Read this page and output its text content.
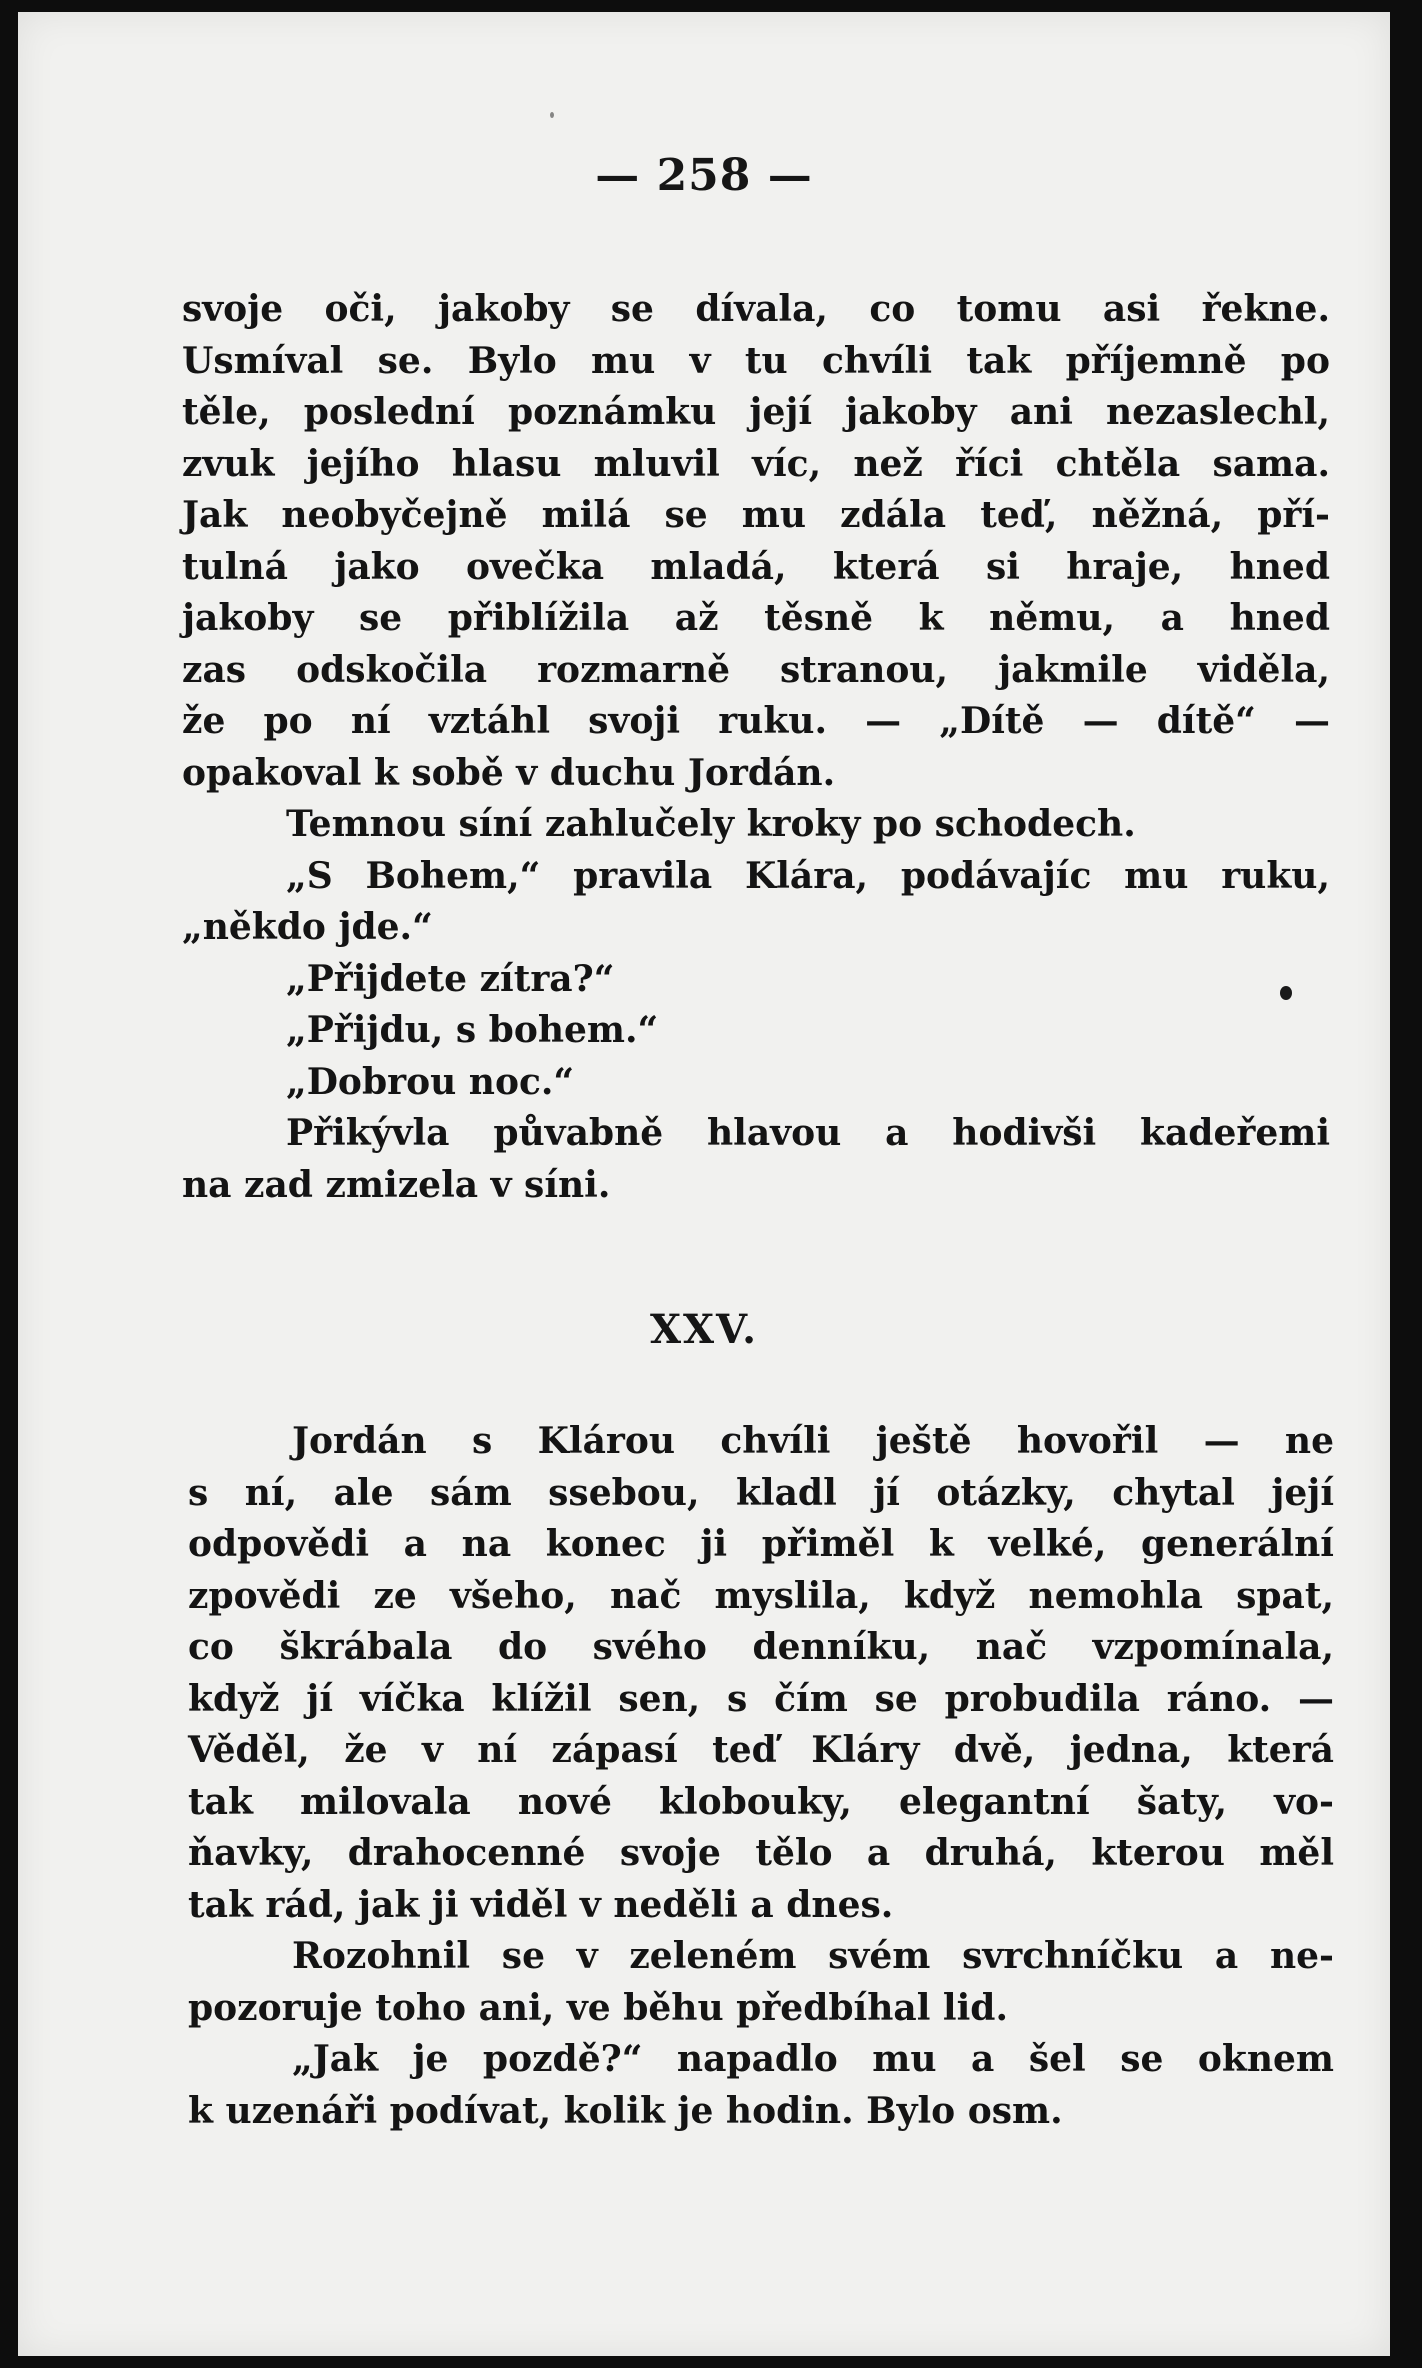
— 258 —
svoje oči, jakoby se dívala, co tomu asi řekne.
Usmíval se. Bylo mu v tu chvíli tak příjemně po
těle, poslední poznámku její jakoby ani nezaslechl,
zvuk jejího hlasu mluvil víc, než říci chtěla sama.
Jak neobyčejně milá se mu zdála teď, něžná, pří-
tulná jako ovečka mladá, která si hraje, hned
jakoby se přiblížila až těsně k němu, a hned
zas odskočila rozmarně stranou, jakmile viděla,
že po ní vztáhl svoji ruku. — „Dítě — dítě“ —
opakoval k sobě v duchu Jordán.
Temnou síní zahlučely kroky po schodech.
„S Bohem,“ pravila Klára, podávajíc mu ruku,
„někdo jde.“
„Přijdete zítra?“
„Přijdu, s bohem.“
„Dobrou noc.“
Přikývla půvabně hlavou a hodivši kadeřemi
na zad zmizela v síni.
XXV.
Jordán s Klárou chvíli ještě hovořil — ne
s ní, ale sám ssebou, kladl jí otázky, chytal její
odpovědi a na konec ji přiměl k velké, generální
zpovědi ze všeho, nač myslila, když nemohla spat,
co škrábala do svého denníku, nač vzpomínala,
když jí víčka klížil sen, s čím se probudila ráno. —
Věděl, že v ní zápasí teď Kláry dvě, jedna, která
tak milovala nové klobouky, elegantní šaty, vo-
ňavky, drahocenné svoje tělo a druhá, kterou měl
tak rád, jak ji viděl v neděli a dnes.
Rozohnil se v zeleném svém svrchníčku a ne-
pozoruje toho ani, ve běhu předbíhal lid.
„Jak je pozdě?“ napadlo mu a šel se oknem
k uzenáři podívat, kolik je hodin. Bylo osm.
